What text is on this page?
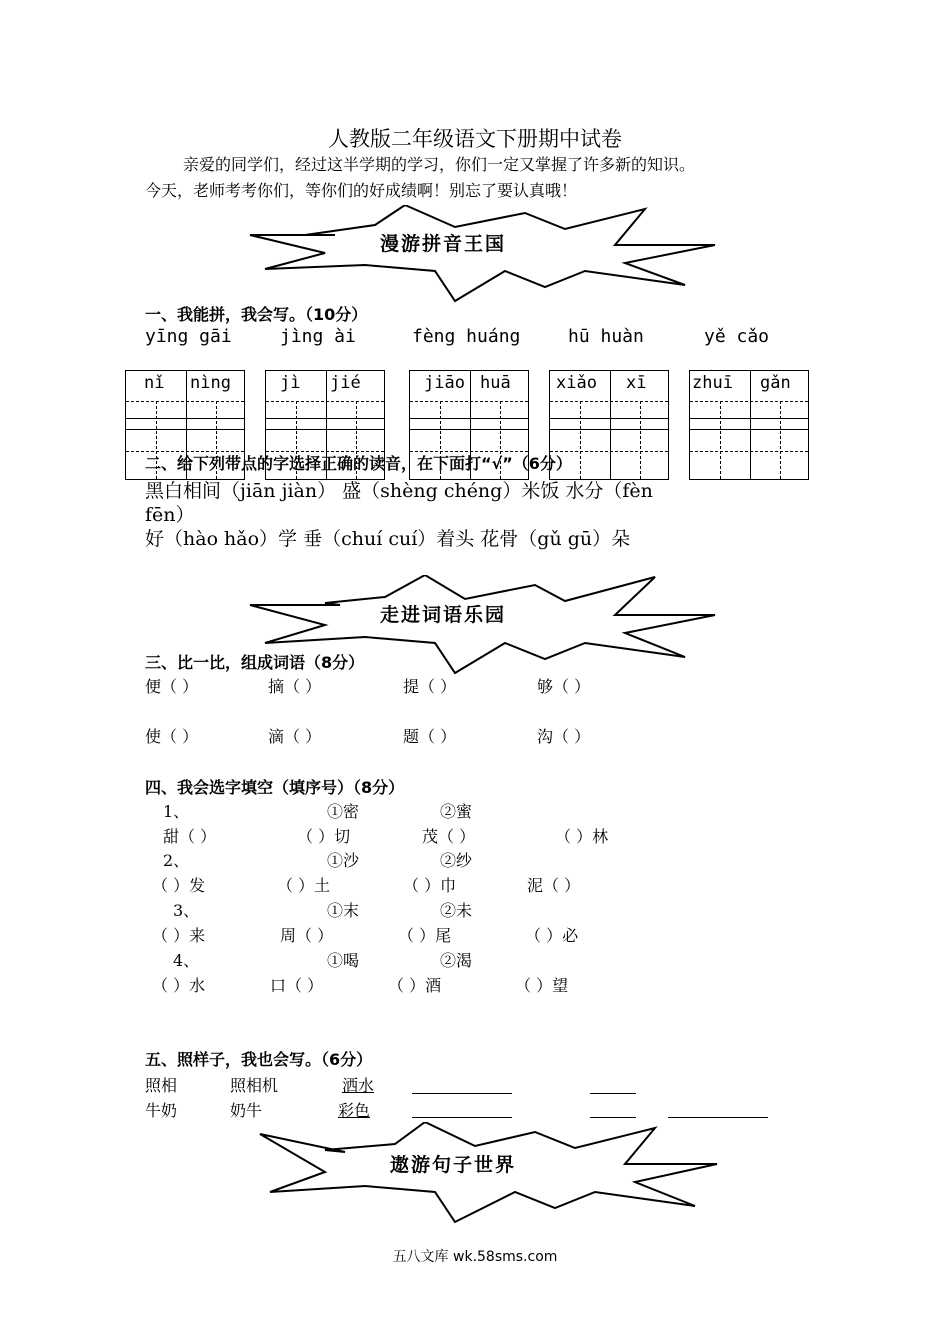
人教版二年级语文下册期中试卷
亲爱的同学们，经过这半学期的学习，你们一定又掌握了许多新的知识。
今天，老师考考你们，等你们的好成绩啊！别忘了要认真哦！
漫游拼音王国
一、我能拼，我会写。（10分）
yīng gāi	jìng ài	fèng huáng	hū huàn	yě cǎo
nǐ nìng	jì jié	jiāo huā	xiǎo xī	zhuī gǎn
二、给下列带点的字选择正确的读音，在下面打“√”（6分）
黑白相间（jiān jiàn） 盛（shèng chéng）米饭 水分（fèn
fēn）
好（hào hǎo）学 垂（chuí cuí）着头 花骨（gǔ gū）朵
走进词语乐园
三、比一比，组成词语（8分）
便（ ）	摘（ ）	提（ ）	够（ ）
使（ ）	滴（ ）	题（ ）	沟（ ）
四、我会选字填空（填序号）（8分）
1、	①密	②蜜
甜（ ）	（ ）切	茂（ ）	（ ）林
2、	①沙	②纱
（ ）发	（ ）土	（ ）巾	泥（ ）
3、	①末	②未
（ ）来	周（ ）	（ ）尾	（ ）必
4、	①喝	②渴
（ ）水	口（ ）	（ ）酒	（ ）望
五、照样子，我也会写。（6分）
照相	照相机	洒水
牛奶	奶牛	彩色
遨游句子世界
五八文库 wk.58sms.com
